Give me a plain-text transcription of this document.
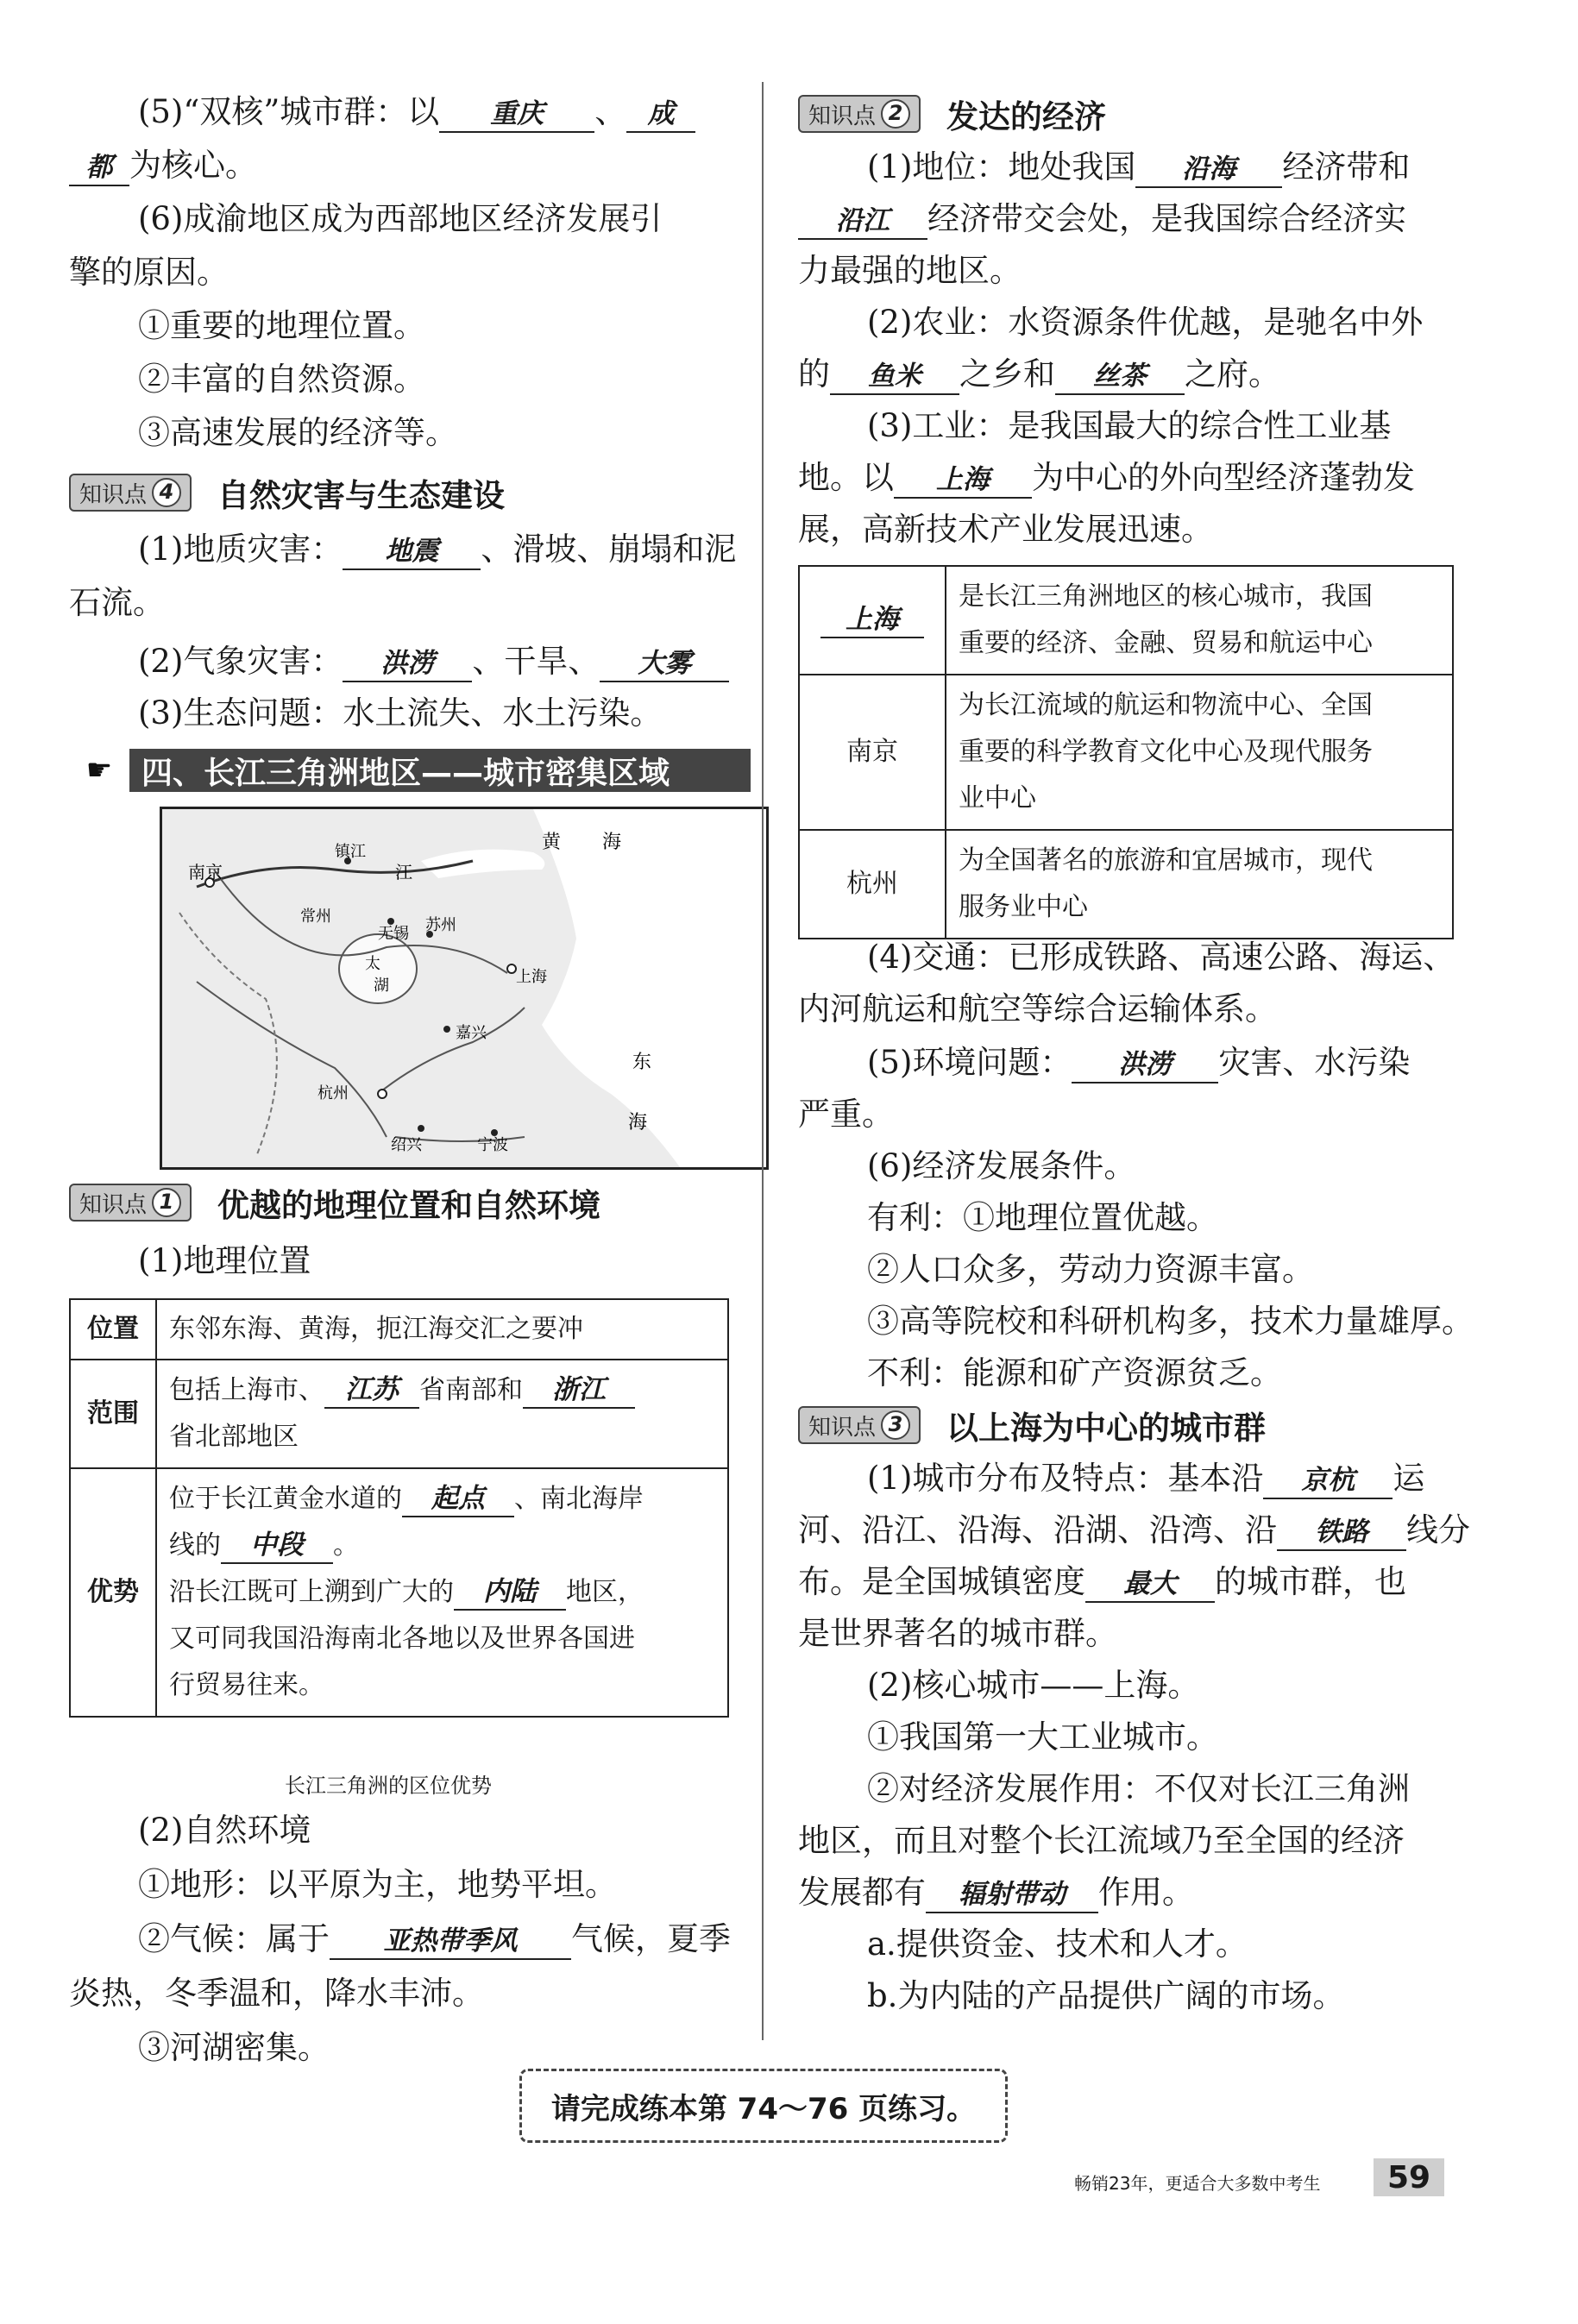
(5)“双核”城市群：以 重庆 、 成
都 为核心。
(6)成渝地区成为西部地区经济发展引
擎的原因。
①重要的地理位置。
②丰富的自然资源。
③高速发展的经济等。
知识点 4 自然灾害与生态建设
(1)地质灾害： 地震 、滑坡、崩塌和泥
石流。
(2)气象灾害： 洪涝 、干旱、 大雾
(3)生态问题：水土流失、水土污染。
☛ 四、长江三角洲地区——城市密集区域
黄 海
南京
镇江
江
常州
无锡 苏州
太
湖	上海
嘉兴
东
海
杭州
绍兴	宁波
知识点 1 优越的地理位置和自然环境
(1)地理位置
位置	东邻东海、黄海，扼江海交汇之要冲
范围	包括上海市、 江苏 省南部和 浙江
省北部地区
优势	位于长江黄金水道的 起点 、南北海岸
线的 中段 。
沿长江既可上溯到广大的 内陆 地区，
又可同我国沿海南北各地以及世界各国进
行贸易往来。
长江三角洲的区位优势
(2)自然环境
①地形：以平原为主，地势平坦。
②气候：属于 亚热带季风 气候，夏季
炎热，冬季温和，降水丰沛。
③河湖密集。
知识点 2 发达的经济
(1)地位：地处我国 沿海 经济带和
沿江 经济带交会处，是我国综合经济实
力最强的地区。
(2)农业：水资源条件优越，是驰名中外
的 鱼米 之乡和 丝茶 之府。
(3)工业：是我国最大的综合性工业基
地。以 上海 为中心的外向型经济蓬勃发
展，高新技术产业发展迅速。
上海	是长江三角洲地区的核心城市，我国
重要的经济、金融、贸易和航运中心
南京	为长江流域的航运和物流中心、全国
重要的科学教育文化中心及现代服务
业中心
杭州	为全国著名的旅游和宜居城市，现代
服务业中心
(4)交通：已形成铁路、高速公路、海运、
内河航运和航空等综合运输体系。
(5)环境问题： 洪涝 灾害、水污染
严重。
(6)经济发展条件。
有利：①地理位置优越。
②人口众多，劳动力资源丰富。
③高等院校和科研机构多，技术力量雄厚。
不利：能源和矿产资源贫乏。
知识点 3 以上海为中心的城市群
(1)城市分布及特点：基本沿 京杭 运
河、沿江、沿海、沿湖、沿湾、沿 铁路 线分
布。是全国城镇密度 最大 的城市群，也
是世界著名的城市群。
(2)核心城市——上海。
①我国第一大工业城市。
②对经济发展作用：不仅对长江三角洲
地区，而且对整个长江流域乃至全国的经济
发展都有 辐射带动 作用。
a.提供资金、技术和人才。
b.为内陆的产品提供广阔的市场。
请完成练本第 74～76 页练习。
畅销23年，更适合大多数中考生	59
